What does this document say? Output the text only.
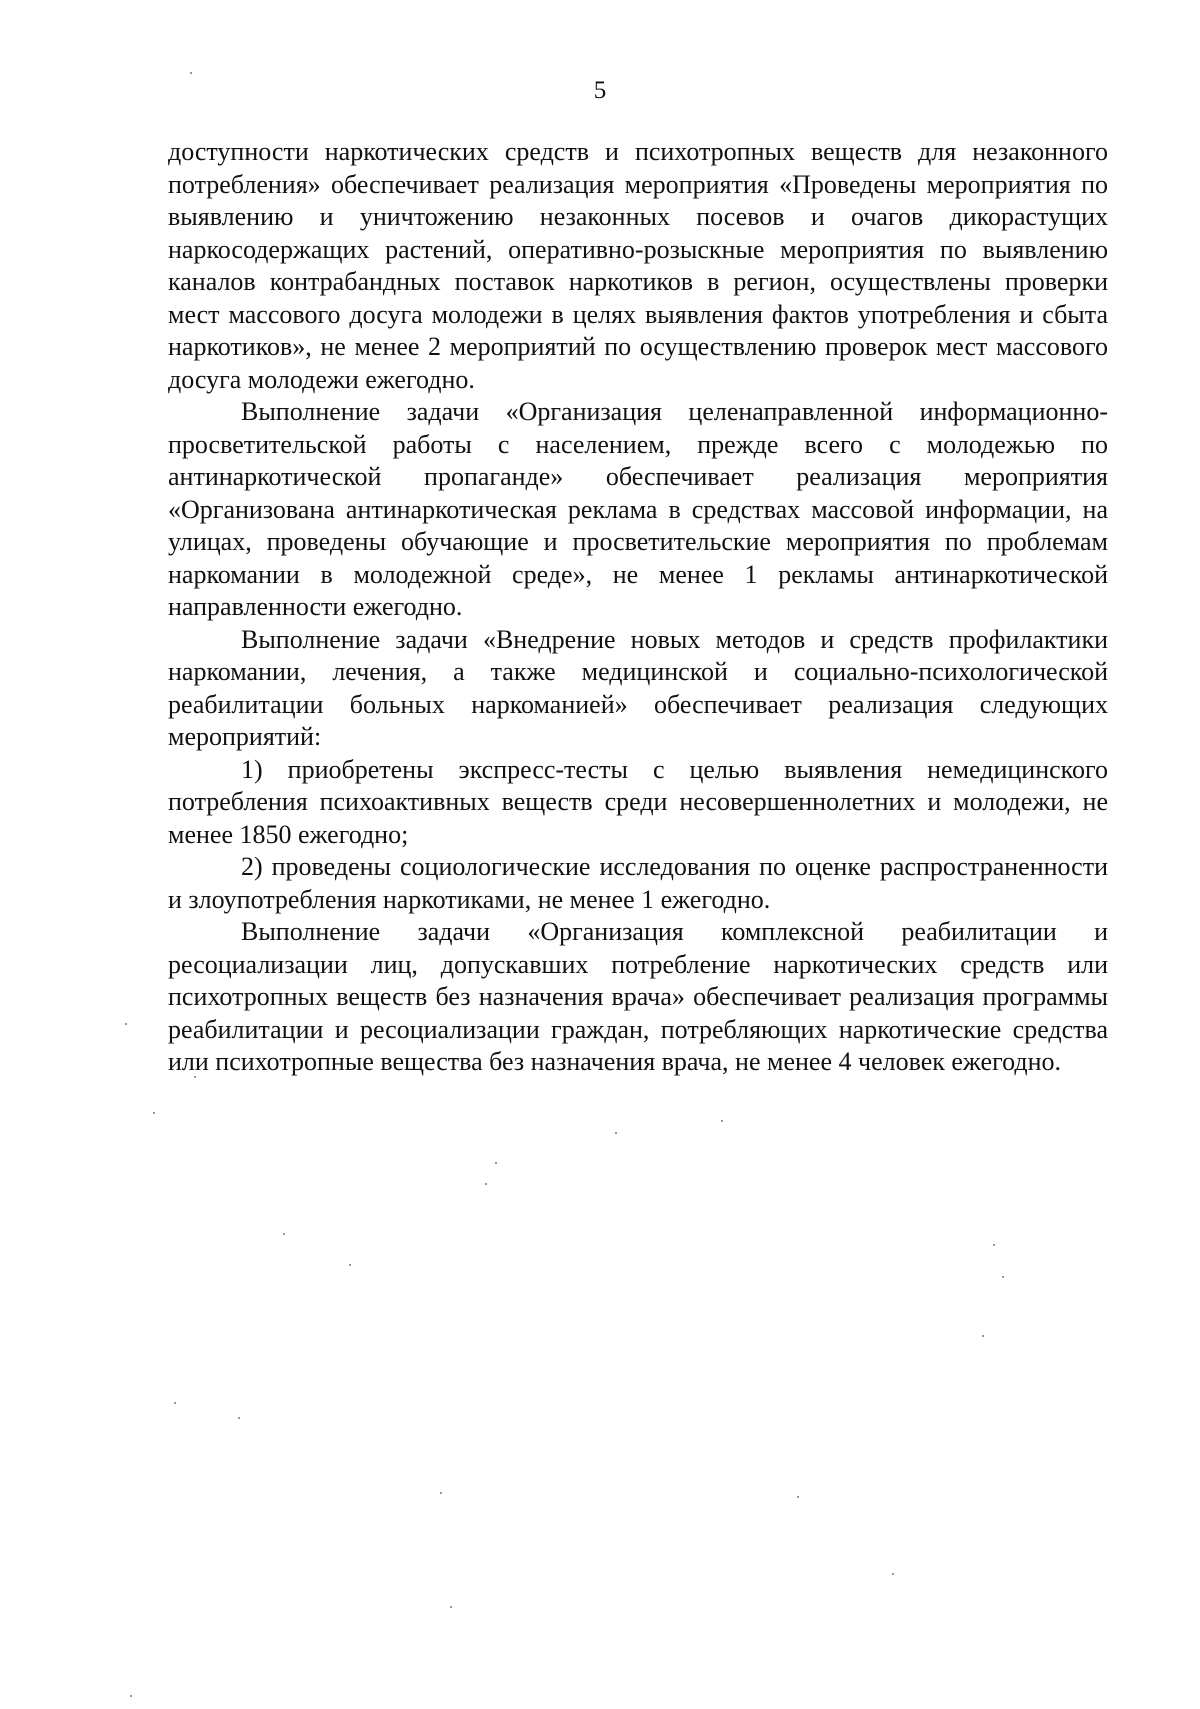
5

доступности наркотических средств и психотропных веществ для незаконного потребления» обеспечивает реализация мероприятия «Проведены мероприятия по выявлению и уничтожению незаконных посевов и очагов дикорастущих наркосодержащих растений, оперативно-розыскные мероприятия по выявлению каналов контрабандных поставок наркотиков в регион, осуществлены проверки мест массового досуга молодежи в целях выявления фактов употребления и сбыта наркотиков», не менее 2 мероприятий по осуществлению проверок мест массового досуга молодежи ежегодно.

Выполнение задачи «Организация целенаправленной информационно-просветительской работы с населением, прежде всего с молодежью по антинаркотической пропаганде» обеспечивает реализация мероприятия «Организована антинаркотическая реклама в средствах массовой информации, на улицах, проведены обучающие и просветительские мероприятия по проблемам наркомании в молодежной среде», не менее 1 рекламы антинаркотической направленности ежегодно.

Выполнение задачи «Внедрение новых методов и средств профилактики наркомании, лечения, а также медицинской и социально-психологической реабилитации больных наркоманией» обеспечивает реализация следующих мероприятий:

1) приобретены экспресс-тесты с целью выявления немедицинского потребления психоактивных веществ среди несовершеннолетних и молодежи, не менее 1850 ежегодно;

2) проведены социологические исследования по оценке распространенности и злоупотребления наркотиками, не менее 1 ежегодно.

Выполнение задачи «Организация комплексной реабилитации и ресоциализации лиц, допускавших потребление наркотических средств или психотропных веществ без назначения врача» обеспечивает реализация программы реабилитации и ресоциализации граждан, потребляющих наркотические средства или психотропные вещества без назначения врача, не менее 4 человек ежегодно.
